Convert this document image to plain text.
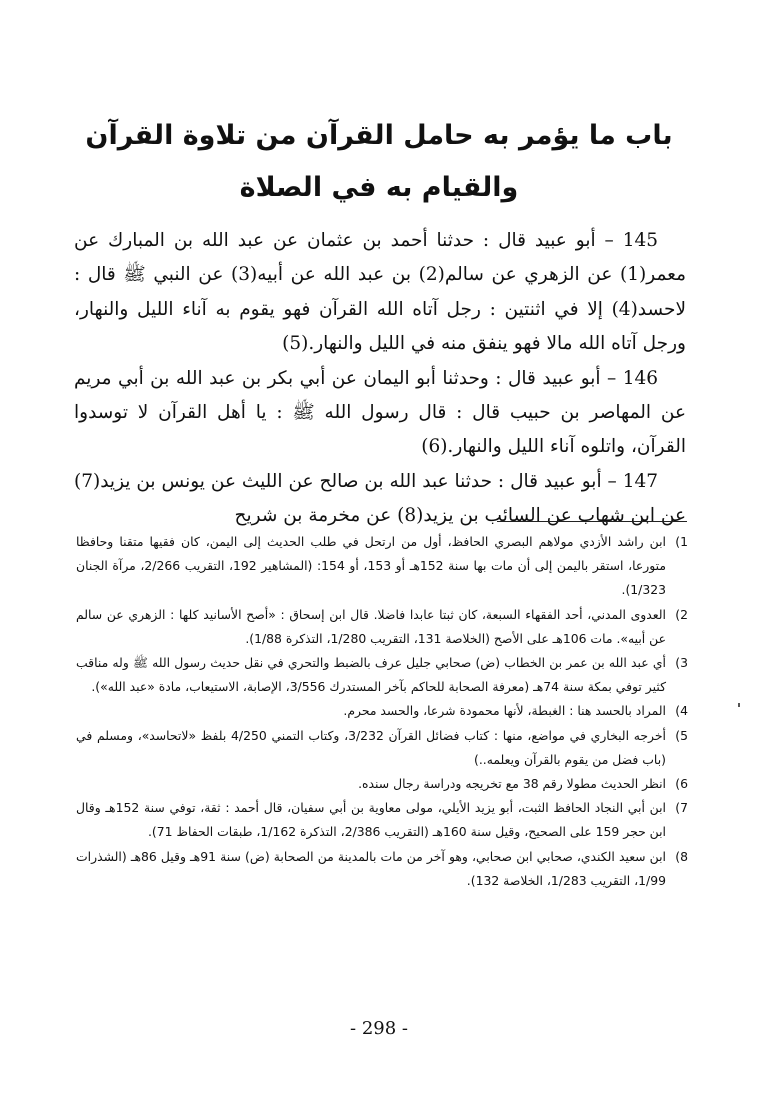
باب ما يؤمر به حامل القرآن من تلاوة القرآن
والقيام به في الصلاة

145 – أبو عبيد قال : حدثنا أحمد بن عثمان عن عبد الله بن المبارك عن معمر(1) عن الزهري عن سالم(2) بن عبد الله عن أبيه(3) عن النبي ﷺ قال : لاحسد(4) إلا في اثنتين : رجل آتاه الله القرآن فهو يقوم به آناء الليل والنهار، ورجل آتاه الله مالا فهو ينفق منه في الليل والنهار.(5)

146 – أبو عبيد قال : وحدثنا أبو اليمان عن أبي بكر بن عبد الله بن أبي مريم عن المهاصر بن حبيب قال : قال رسول الله ﷺ : يا أهل القرآن لا توسدوا القرآن، واتلوه آناء الليل والنهار.(6)

147 – أبو عبيد قال : حدثنا عبد الله بن صالح عن الليث عن يونس بن يزيد(7) عن ابن شهاب عن السائب بن يزيد(8) عن مخرمة بن شريح

1)
ابن راشد الأزدي مولاهم البصري الحافظ، أول من ارتحل في طلب الحديث إلى اليمن، كان فقيها متقنا وحافظا متورعا، استقر باليمن إلى أن مات بها سنة 152هـ أو 153، أو 154: (المشاهير 192، التقريب 2/266، مرآة الجنان 1/323).
2)
العدوى المدني، أحد الفقهاء السبعة، كان ثبتا عابدا فاضلا. قال ابن إسحاق : «أصح الأسانيد كلها : الزهري عن سالم عن أبيه». مات 106هـ على الأصح (الخلاصة 131، التقريب 1/280، التذكرة 1/88).
3)
أي عبد الله بن عمر بن الخطاب (ض) صحابي جليل عرف بالضبط والتحري في نقل حديث رسول الله ﷺ وله مناقب كثير توفي بمكة سنة 74هـ (معرفة الصحابة للحاكم بآخر المستدرك 3/556، الإصابة، الاستيعاب، مادة «عبد الله»).
4)
المراد بالحسد هنا : الغبطة، لأنها محمودة شرعا، والحسد محرم.
5)
أخرجه البخاري في مواضع، منها : كتاب فضائل القرآن 3/232، وكتاب التمني 4/250 بلفظ «لاتحاسد»، ومسلم في (باب فضل من يقوم بالقرآن ويعلمه..)
6)
انظر الحديث مطولا رقم 38 مع تخريجه ودراسة رجال سنده.
7)
ابن أبي النجاد الحافظ الثبت، أبو يزيد الأيلي، مولى معاوية بن أبي سفيان، قال أحمد : ثقة، توفي سنة 152هـ وقال ابن حجر 159 على الصحيح، وقيل سنة 160هـ (التقريب 2/386، التذكرة 1/162، طبقات الحفاظ 71).
8)
ابن سعيد الكندي، صحابي ابن صحابي، وهو آخر من مات بالمدينة من الصحابة (ض) سنة 91هـ وقيل 86هـ (الشذرات 1/99، التقريب 1/283، الخلاصة 132).
- 298 -
